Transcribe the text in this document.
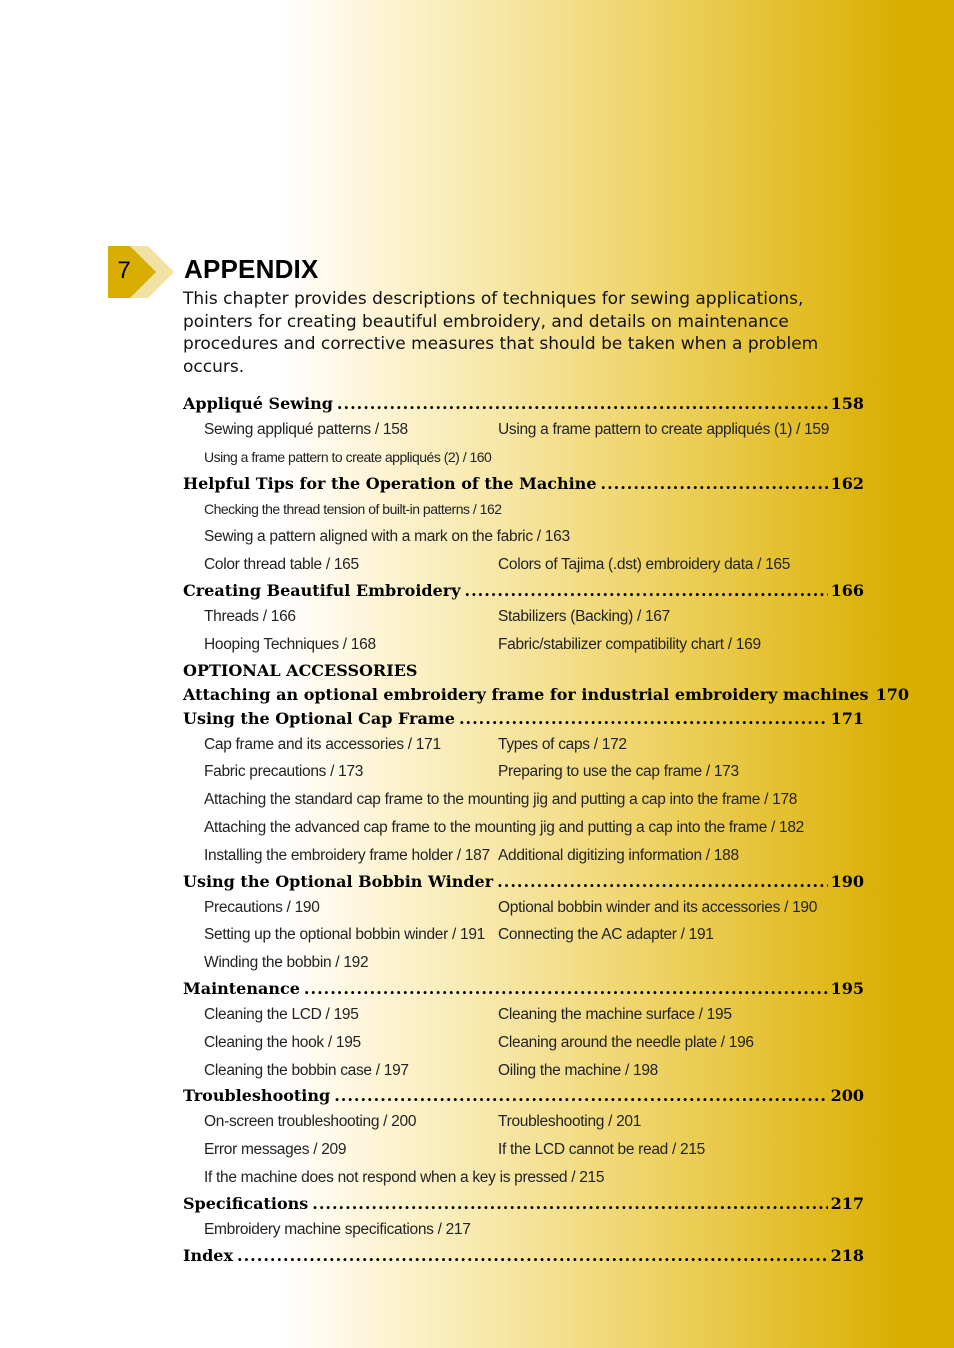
7 APPENDIX

This chapter provides descriptions of techniques for sewing applications, pointers for creating beautiful embroidery, and details on maintenance procedures and corrective measures that should be taken when a problem occurs.

Appliqué Sewing .....	158
Sewing appliqué patterns / 158	Using a frame pattern to create appliqués (1) / 159
Using a frame pattern to create appliqués (2) / 160
Helpful Tips for the Operation of the Machine .....	162
Checking the thread tension of built-in patterns / 162
Sewing a pattern aligned with a mark on the fabric / 163
Color thread table / 165	Colors of Tajima (.dst) embroidery data / 165
Creating Beautiful Embroidery .....	166
Threads / 166	Stabilizers (Backing) / 167
Hooping Techniques / 168	Fabric/stabilizer compatibility chart / 169
OPTIONAL ACCESSORIES
Attaching an optional embroidery frame for industrial embroidery machines 170
Using the Optional Cap Frame .....	171
Cap frame and its accessories / 171	Types of caps / 172
Fabric precautions / 173	Preparing to use the cap frame / 173
Attaching the standard cap frame to the mounting jig and putting a cap into the frame / 178
Attaching the advanced cap frame to the mounting jig and putting a cap into the frame / 182
Installing the embroidery frame holder / 187 Additional digitizing information / 188
Using the Optional Bobbin Winder .....	190
Precautions / 190	Optional bobbin winder and its accessories / 190
Setting up the optional bobbin winder / 191 Connecting the AC adapter / 191
Winding the bobbin / 192
Maintenance .....	195
Cleaning the LCD / 195	Cleaning the machine surface / 195
Cleaning the hook / 195	Cleaning around the needle plate / 196
Cleaning the bobbin case / 197	Oiling the machine / 198
Troubleshooting .....	200
On-screen troubleshooting / 200	Troubleshooting / 201
Error messages / 209	If the LCD cannot be read / 215
If the machine does not respond when a key is pressed / 215
Specifications .....	217
Embroidery machine specifications / 217
Index .....	218
